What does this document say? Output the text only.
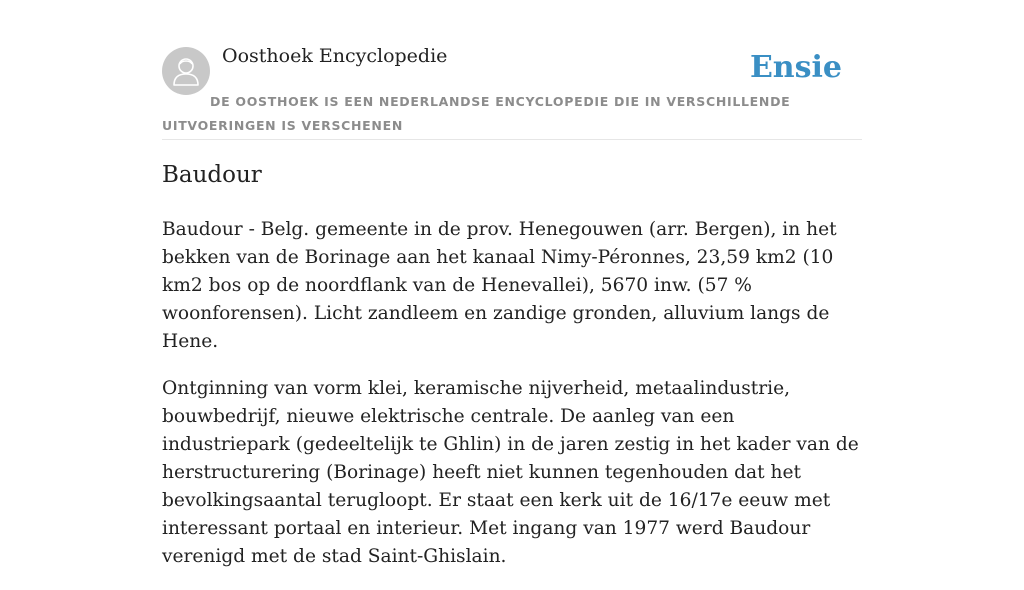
Oosthoek Encyclopedie	Ensie
DE OOSTHOEK IS EEN NEDERLANDSE ENCYCLOPEDIE DIE IN VERSCHILLENDE UITVOERINGEN IS VERSCHENEN
Baudour

Baudour - Belg. gemeente in de prov. Henegouwen (arr. Bergen), in het bekken van de Borinage aan het kanaal Nimy-Péronnes, 23,59 km2 (10 km2 bos op de noordflank van de Henevallei), 5670 inw. (57 % woonforensen). Licht zandleem en zandige gronden, alluvium langs de Hene.

Ontginning van vorm klei, keramische nijverheid, metaalindustrie, bouwbedrijf, nieuwe elektrische centrale. De aanleg van een industriepark (gedeeltelijk te Ghlin) in de jaren zestig in het kader van de herstructurering (Borinage) heeft niet kunnen tegenhouden dat het bevolkingsaantal terugloopt. Er staat een kerk uit de 16/17e eeuw met interessant portaal en interieur. Met ingang van 1977 werd Baudour verenigd met de stad Saint-Ghislain.
